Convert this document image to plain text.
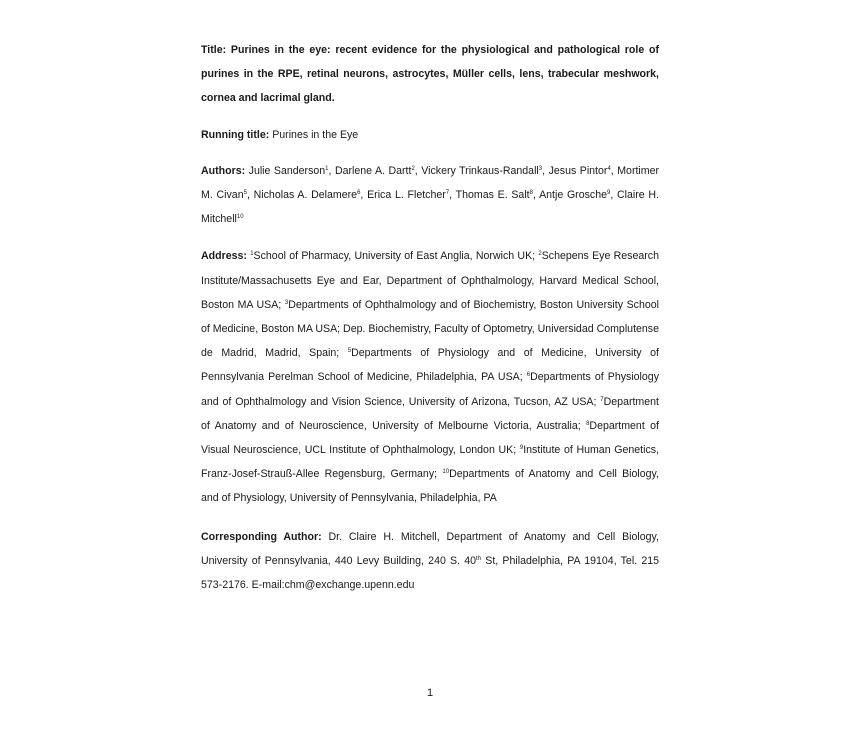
Title: Purines in the eye: recent evidence for the physiological and pathological role of purines in the RPE, retinal neurons, astrocytes, Müller cells, lens, trabecular meshwork, cornea and lacrimal gland.

Running title: Purines in the Eye

Authors: Julie Sanderson$^1$, Darlene A. Dartt$^2$, Vickery Trinkaus-Randall$^3$, Jesus Pintor$^4$, Mortimer M. Civan$^5$, Nicholas A. Delamere$^6$, Erica L. Fletcher$^7$, Thomas E. Salt$^8$, Antje Grosche$^9$, Claire H. Mitchell$^{10}$

Address: $^1$School of Pharmacy, University of East Anglia, Norwich UK; $^2$Schepens Eye Research Institute/Massachusetts Eye and Ear, Department of Ophthalmology, Harvard Medical School, Boston MA USA; $^3$Departments of Ophthalmology and of Biochemistry, Boston University School of Medicine, Boston MA USA; Dep. Biochemistry, Faculty of Optometry, Universidad Complutense de Madrid, Madrid, Spain; $^5$Departments of Physiology and of Medicine, University of Pennsylvania Perelman School of Medicine, Philadelphia, PA USA; $^6$Departments of Physiology and of Ophthalmology and Vision Science, University of Arizona, Tucson, AZ USA; $^7$Department of Anatomy and of Neuroscience, University of Melbourne Victoria, Australia; $^8$Department of Visual Neuroscience, UCL Institute of Ophthalmology, London UK; $^9$Institute of Human Genetics, Franz-Josef-Strauß-Allee Regensburg, Germany; $^{10}$Departments of Anatomy and Cell Biology, and of Physiology, University of Pennsylvania, Philadelphia, PA

Corresponding Author: Dr. Claire H. Mitchell, Department of Anatomy and Cell Biology, University of Pennsylvania, 440 Levy Building, 240 S. 40th St, Philadelphia, PA 19104, Tel. 215 573-2176. E-mail:chm@exchange.upenn.edu

1
